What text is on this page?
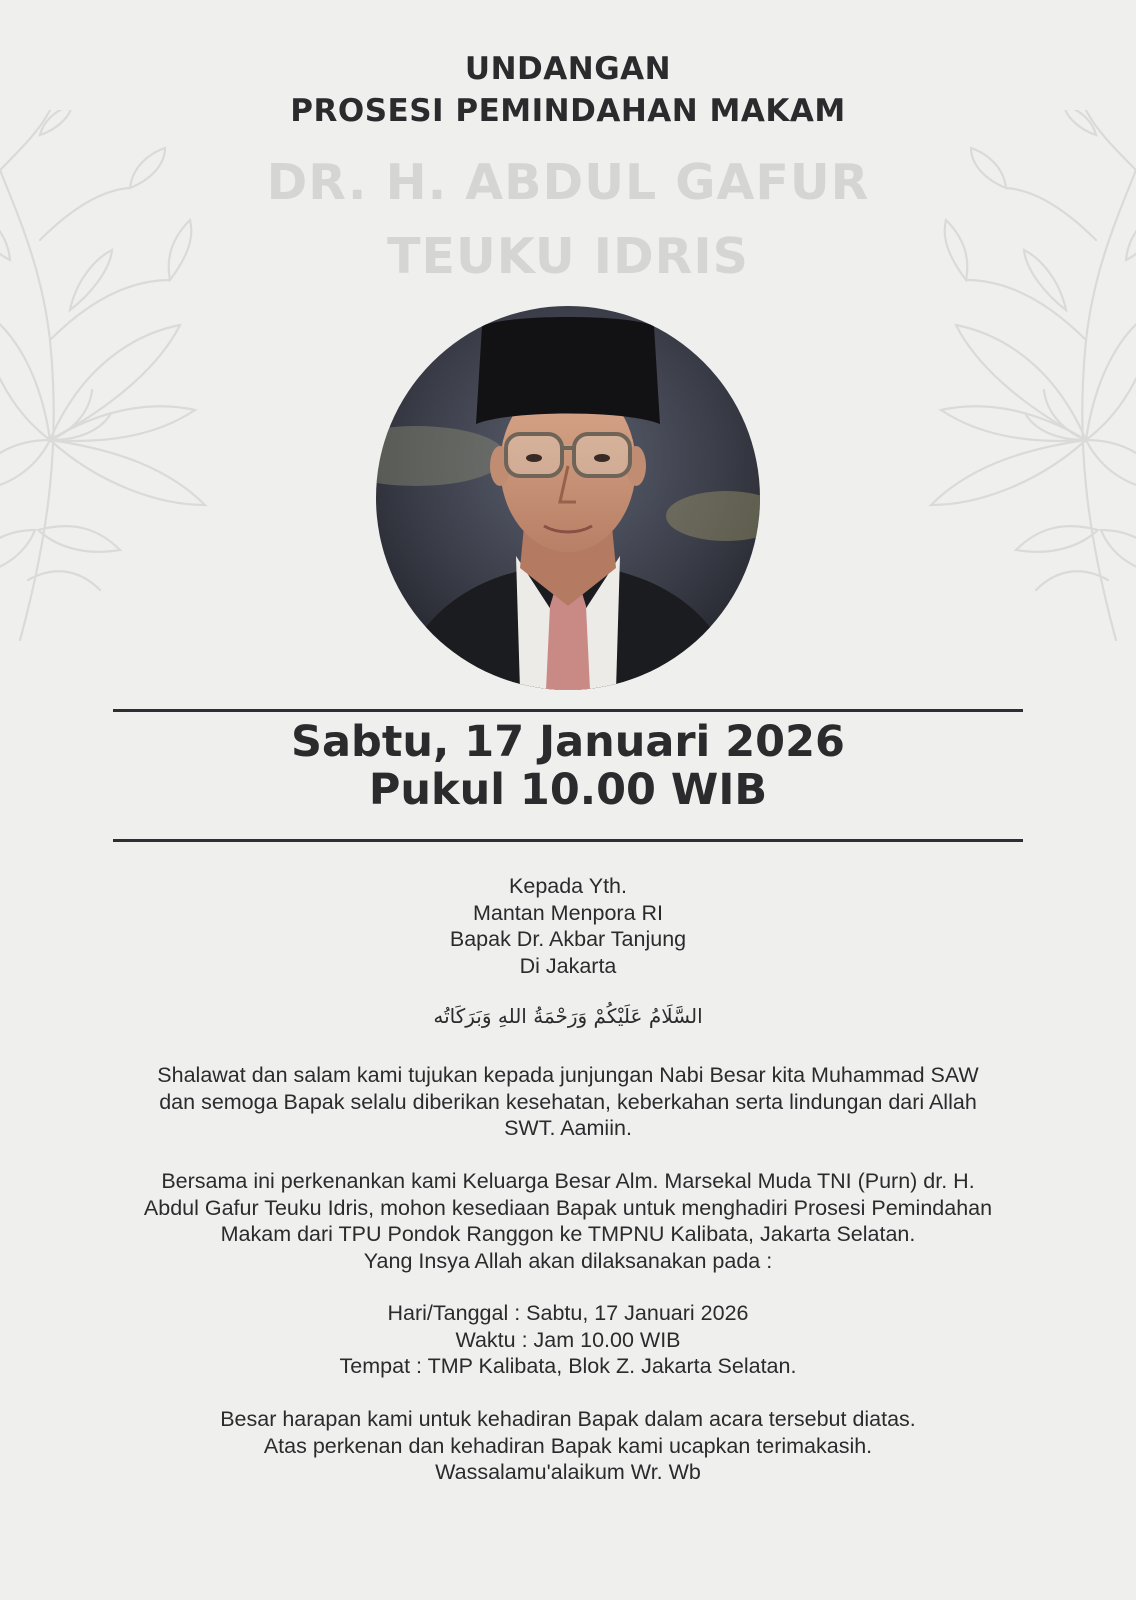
UNDANGAN
PROSESI PEMINDAHAN MAKAM
DR. H. ABDUL GAFUR
TEUKU IDRIS
Sabtu, 17 Januari 2026
Pukul 10.00 WIB
Kepada Yth.
Mantan Menpora RI
Bapak Dr. Akbar Tanjung
Di Jakarta
السَّلَامُ عَلَيْكُمْ وَرَحْمَةُ اللهِ وَبَرَكَاتُه
Shalawat dan salam kami tujukan kepada junjungan Nabi Besar kita Muhammad SAW
dan semoga Bapak selalu diberikan kesehatan, keberkahan serta lindungan dari Allah
SWT. Aamiin.
Bersama ini perkenankan kami Keluarga Besar Alm. Marsekal Muda TNI (Purn) dr. H.
Abdul Gafur Teuku Idris, mohon kesediaan Bapak untuk menghadiri Prosesi Pemindahan
Makam dari TPU Pondok Ranggon ke TMPNU Kalibata, Jakarta Selatan.
Yang Insya Allah akan dilaksanakan pada :
Hari/Tanggal : Sabtu, 17 Januari 2026
Waktu : Jam 10.00 WIB
Tempat : TMP Kalibata, Blok Z. Jakarta Selatan.
Besar harapan kami untuk kehadiran Bapak dalam acara tersebut diatas.
Atas perkenan dan kehadiran Bapak kami ucapkan terimakasih.
Wassalamu'alaikum Wr. Wb
